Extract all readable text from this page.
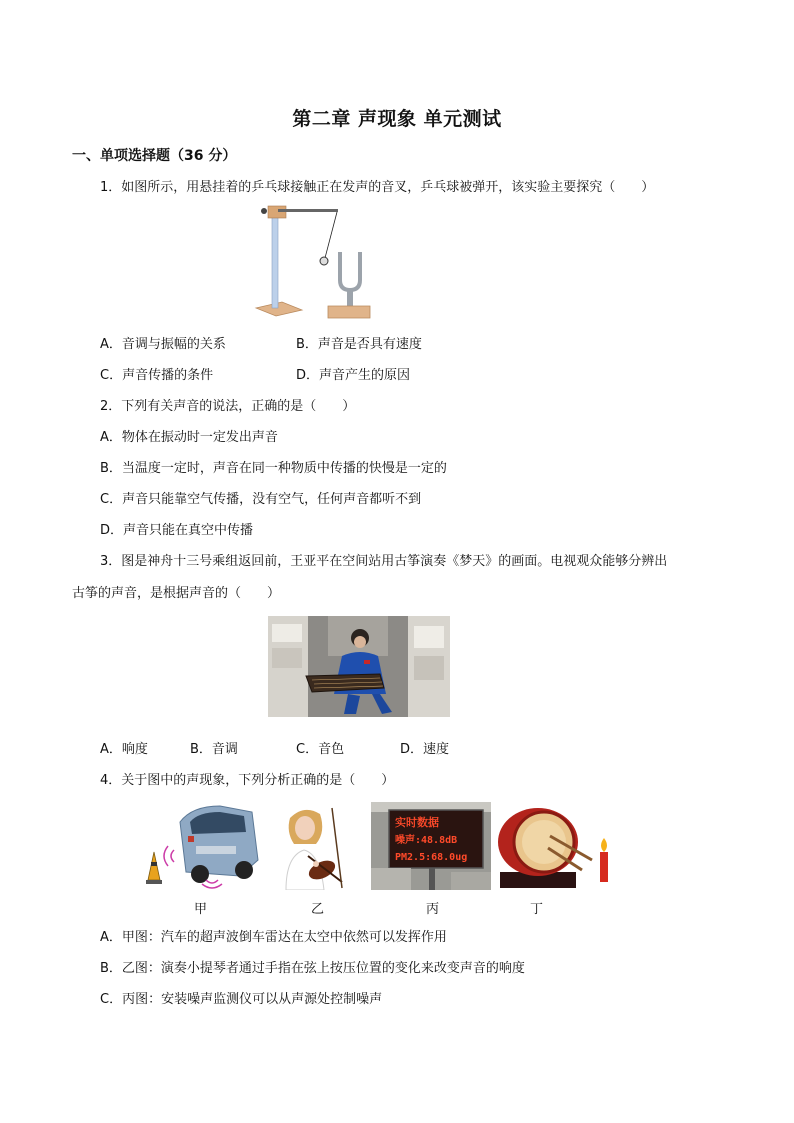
第二章 声现象 单元测试
一、单项选择题（36 分）
1．如图所示，用悬挂着的乒乓球接触正在发声的音叉，乒乓球被弹开，该实验主要探究（　　）
A．音调与振幅的关系	B．声音是否具有速度
C．声音传播的条件	D．声音产生的原因
2．下列有关声音的说法，正确的是（　　）
A．物体在振动时一定发出声音
B．当温度一定时，声音在同一种物质中传播的快慢是一定的
C．声音只能靠空气传播，没有空气，任何声音都听不到
D．声音只能在真空中传播
3．图是神舟十三号乘组返回前，王亚平在空间站用古筝演奏《梦天》的画面。电视观众能够分辨出
古筝的声音，是根据声音的（　　）
A．响度	B．音调	C．音色	D．速度
4．关于图中的声现象，下列分析正确的是（　　）
实时数据
噪声:48.8dB
PM2.5:68.0ug
甲	乙	丙	丁
A．甲图：汽车的超声波倒车雷达在太空中依然可以发挥作用
B．乙图：演奏小提琴者通过手指在弦上按压位置的变化来改变声音的响度
C．丙图：安装噪声监测仪可以从声源处控制噪声
